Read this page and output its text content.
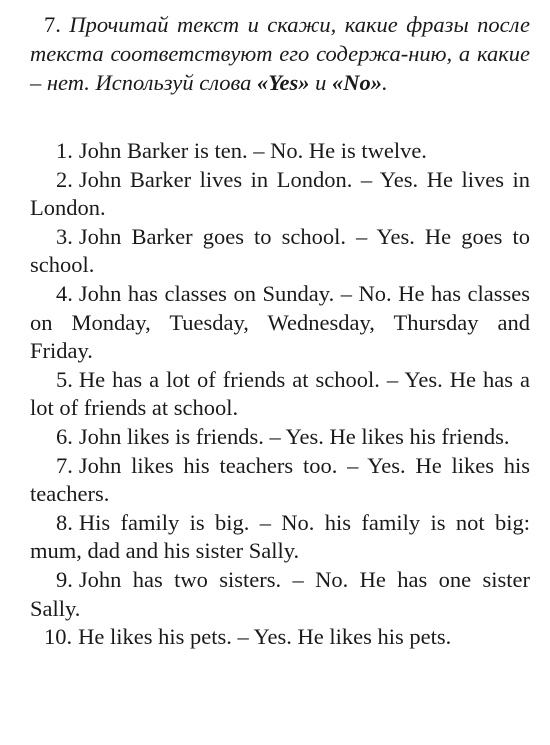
7. Прочитай текст и скажи, какие фразы после текста соответствуют его содержа-нию, а какие – нет. Используй слова «Yes» и «No».
1. John Barker is ten. – No. He is twelve.
2. John Barker lives in London. – Yes. He lives in London.
3. John Barker goes to school. – Yes. He goes to school.
4. John has classes on Sunday. – No. He has classes on Monday, Tuesday, Wednesday, Thursday and Friday.
5. He has a lot of friends at school. – Yes. He has a lot of friends at school.
6. John likes is friends. – Yes. He likes his friends.
7. John likes his teachers too. – Yes. He likes his teachers.
8. His family is big. – No. his family is not big: mum, dad and his sister Sally.
9. John has two sisters. – No. He has one sister Sally.
10. He likes his pets. – Yes. He likes his pets.
